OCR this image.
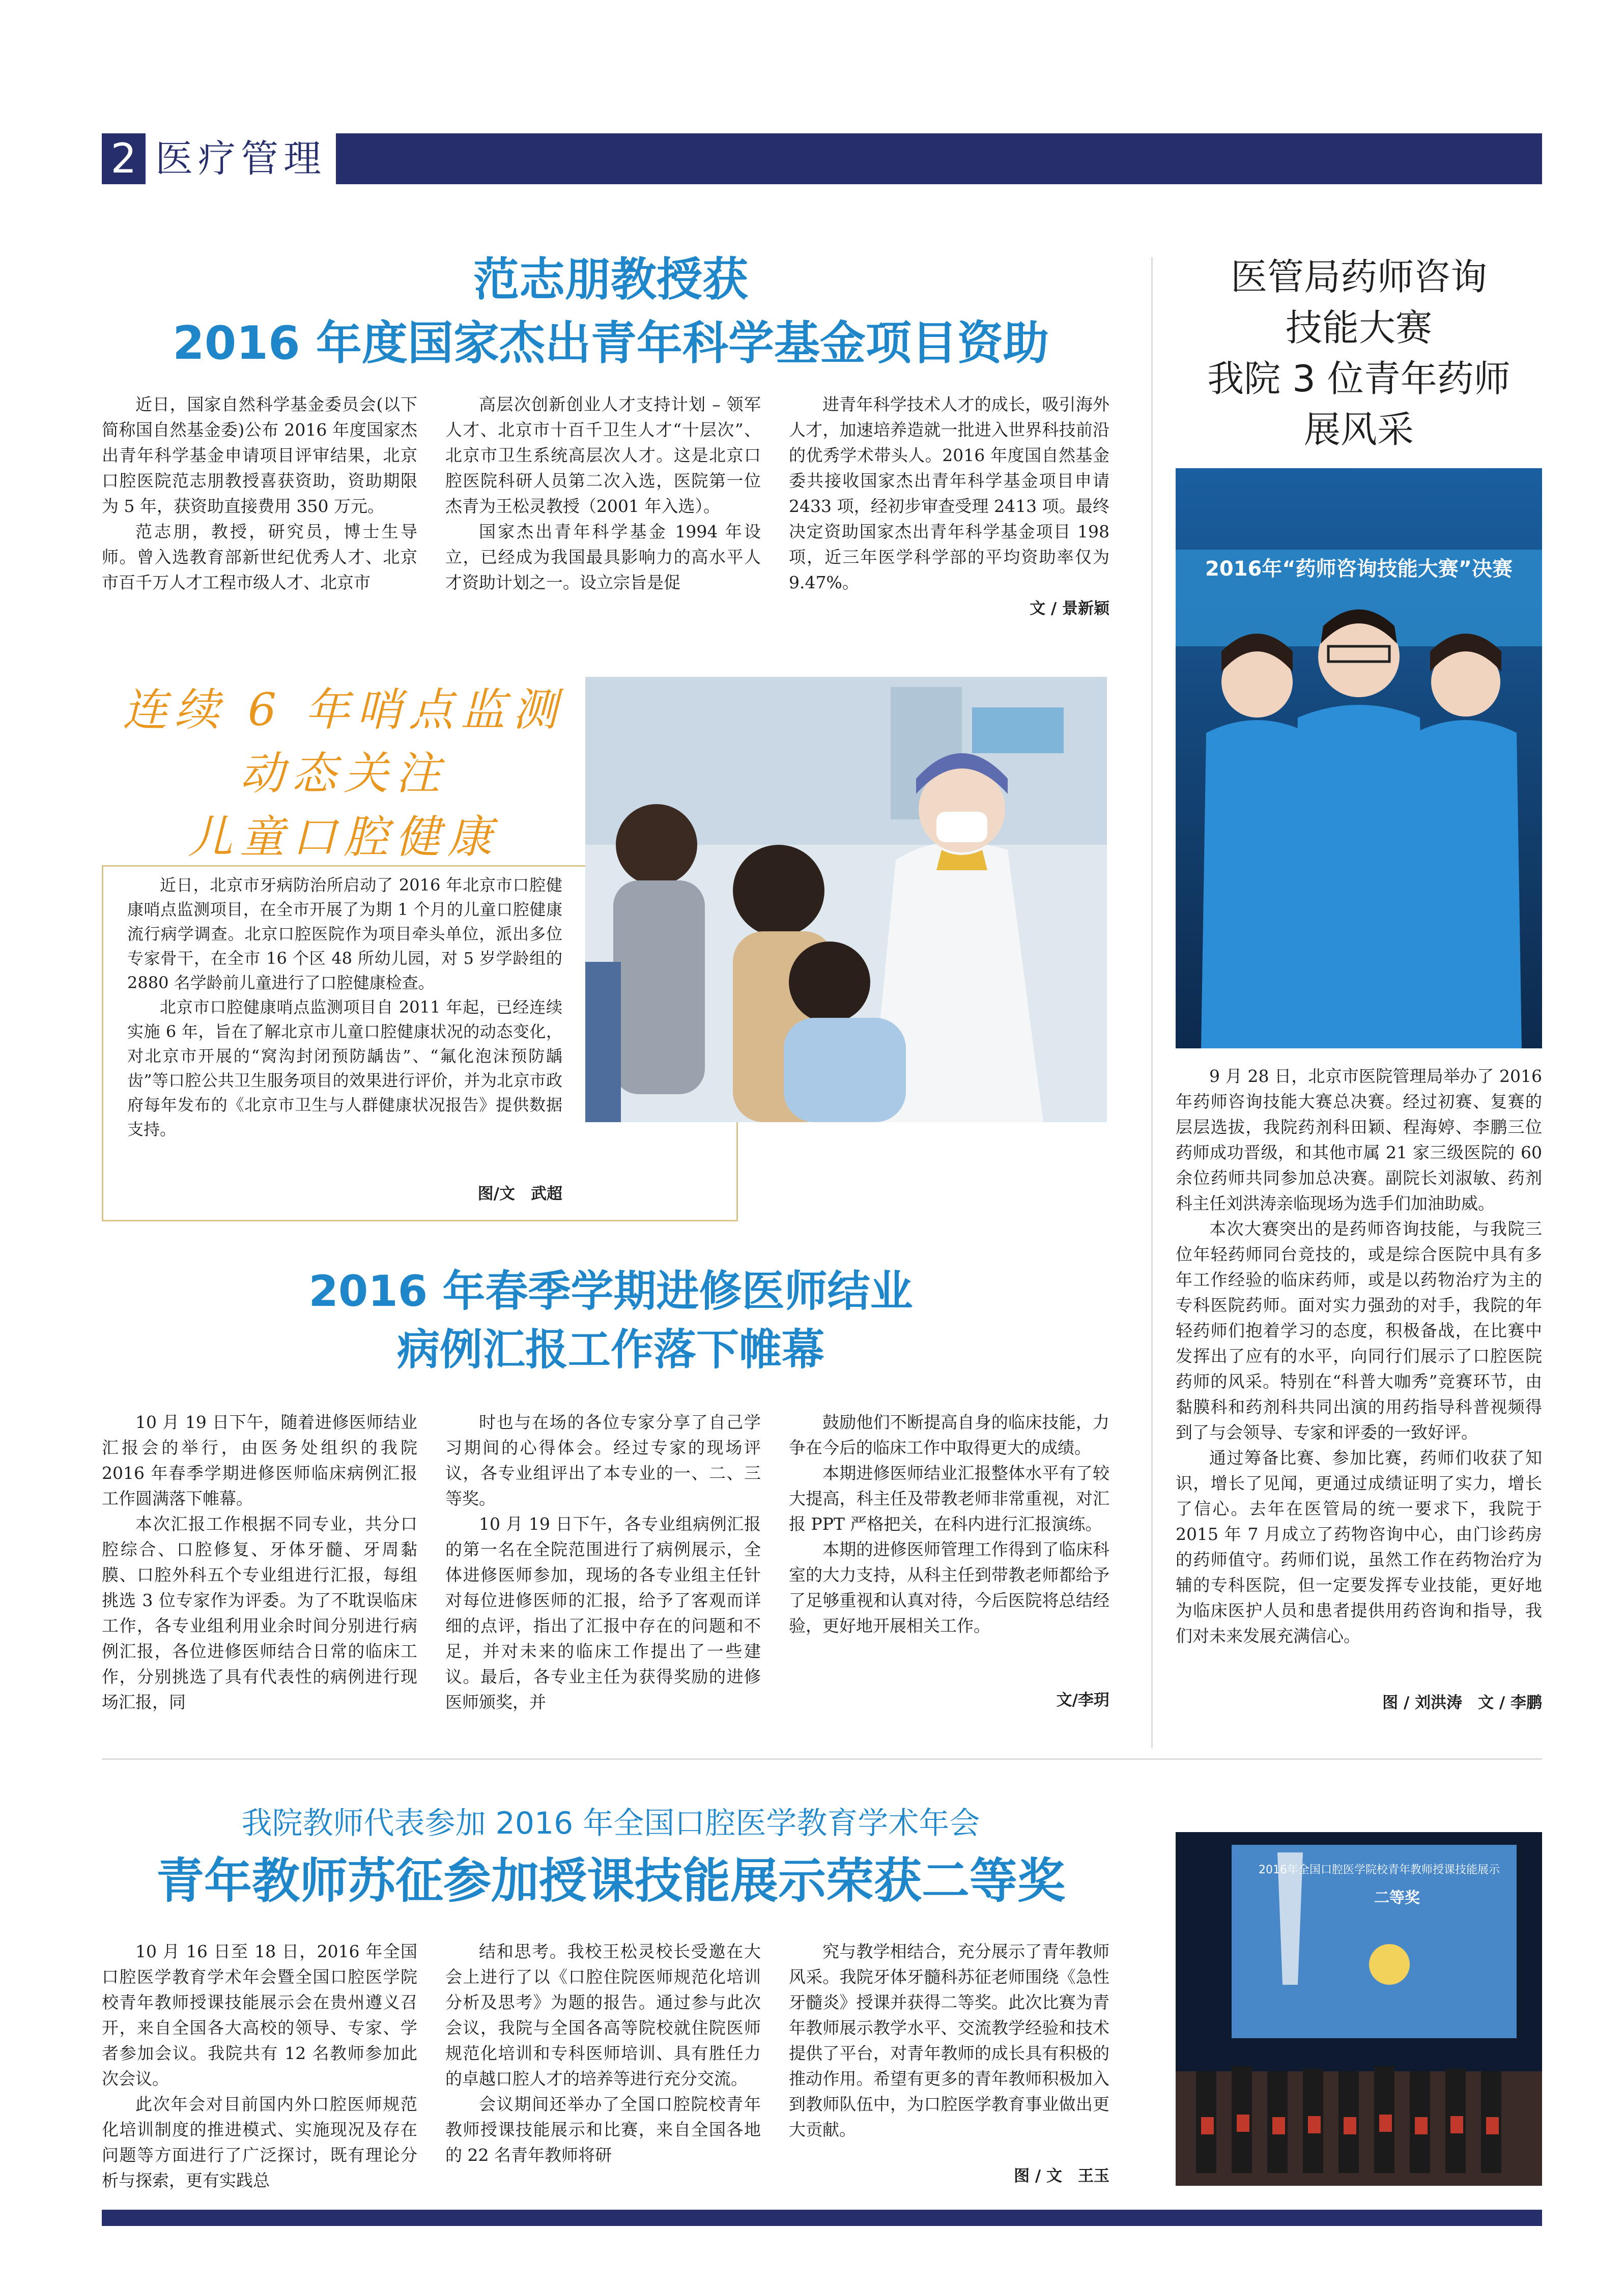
2 医疗管理
范志朋教授获
2016 年度国家杰出青年科学基金项目资助

近日，国家自然科学基金委员会(以下简称国自然基金委)公布 2016 年度国家杰出青年科学基金申请项目评审结果，北京口腔医院范志朋教授喜获资助，资助期限为 5 年，获资助直接费用 350 万元。

范志朋，教授，研究员，博士生导师。曾入选教育部新世纪优秀人才、北京市百千万人才工程市级人才、北京市

高层次创新创业人才支持计划 – 领军人才、北京市十百千卫生人才“十层次”、北京市卫生系统高层次人才。这是北京口腔医院科研人员第二次入选，医院第一位杰青为王松灵教授（2001 年入选）。

国家杰出青年科学基金 1994 年设立，已经成为我国最具影响力的高水平人才资助计划之一。设立宗旨是促

进青年科学技术人才的成长，吸引海外人才，加速培养造就一批进入世界科技前沿的优秀学术带头人。2016 年度国自然基金委共接收国家杰出青年科学基金项目申请 2433 项，经初步审查受理 2413 项。最终决定资助国家杰出青年科学基金项目 198 项，近三年医学科学部的平均资助率仅为 9.47%。

文 / 景新颖
连续 6 年哨点监测
动态关注
儿童口腔健康

近日，北京市牙病防治所启动了 2016 年北京市口腔健康哨点监测项目，在全市开展了为期 1 个月的儿童口腔健康流行病学调查。北京口腔医院作为项目牵头单位，派出多位专家骨干，在全市 16 个区 48 所幼儿园，对 5 岁学龄组的 2880 名学龄前儿童进行了口腔健康检查。

北京市口腔健康哨点监测项目自 2011 年起，已经连续实施 6 年，旨在了解北京市儿童口腔健康状况的动态变化，对北京市开展的“窝沟封闭预防龋齿”、“氟化泡沫预防龋齿”等口腔公共卫生服务项目的效果进行评价，并为北京市政府每年发布的《北京市卫生与人群健康状况报告》提供数据支持。

图/文　武超
2016 年春季学期进修医师结业
病例汇报工作落下帷幕

10 月 19 日下午，随着进修医师结业汇报会的举行，由医务处组织的我院 2016 年春季学期进修医师临床病例汇报工作圆满落下帷幕。

本次汇报工作根据不同专业，共分口腔综合、口腔修复、牙体牙髓、牙周黏膜、口腔外科五个专业组进行汇报，每组挑选 3 位专家作为评委。为了不耽误临床工作，各专业组利用业余时间分别进行病例汇报，各位进修医师结合日常的临床工作，分别挑选了具有代表性的病例进行现场汇报，同

时也与在场的各位专家分享了自己学习期间的心得体会。经过专家的现场评议，各专业组评出了本专业的一、二、三等奖。

10 月 19 日下午，各专业组病例汇报的第一名在全院范围进行了病例展示，全体进修医师参加，现场的各专业组主任针对每位进修医师的汇报，给予了客观而详细的点评，指出了汇报中存在的问题和不足，并对未来的临床工作提出了一些建议。最后，各专业主任为获得奖励的进修医师颁奖，并

鼓励他们不断提高自身的临床技能，力争在今后的临床工作中取得更大的成绩。

本期进修医师结业汇报整体水平有了较大提高，科主任及带教老师非常重视，对汇报 PPT 严格把关，在科内进行汇报演练。

本期的进修医师管理工作得到了临床科室的大力支持，从科主任到带教老师都给予了足够重视和认真对待，今后医院将总结经验，更好地开展相关工作。

文/李玥
医管局药师咨询
技能大赛
我院 3 位青年药师
展风采
2016年“药师咨询技能大赛”决赛

9 月 28 日，北京市医院管理局举办了 2016 年药师咨询技能大赛总决赛。经过初赛、复赛的层层选拔，我院药剂科田颖、程海婷、李鹏三位药师成功晋级，和其他市属 21 家三级医院的 60 余位药师共同参加总决赛。副院长刘淑敏、药剂科主任刘洪涛亲临现场为选手们加油助威。

本次大赛突出的是药师咨询技能，与我院三位年轻药师同台竞技的，或是综合医院中具有多年工作经验的临床药师，或是以药物治疗为主的专科医院药师。面对实力强劲的对手，我院的年轻药师们抱着学习的态度，积极备战，在比赛中发挥出了应有的水平，向同行们展示了口腔医院药师的风采。特别在“科普大咖秀”竞赛环节，由黏膜科和药剂科共同出演的用药指导科普视频得到了与会领导、专家和评委的一致好评。

通过筹备比赛、参加比赛，药师们收获了知识，增长了见闻，更通过成绩证明了实力，增长了信心。去年在医管局的统一要求下，我院于 2015 年 7 月成立了药物咨询中心，由门诊药房的药师值守。药师们说，虽然工作在药物治疗为辅的专科医院，但一定要发挥专业技能，更好地为临床医护人员和患者提供用药咨询和指导，我们对未来发展充满信心。

图 / 刘洪涛　文 / 李鹏
我院教师代表参加 2016 年全国口腔医学教育学术年会
青年教师苏征参加授课技能展示荣获二等奖

10 月 16 日至 18 日，2016 年全国口腔医学教育学术年会暨全国口腔医学院校青年教师授课技能展示会在贵州遵义召开，来自全国各大高校的领导、专家、学者参加会议。我院共有 12 名教师参加此次会议。

此次年会对目前国内外口腔医师规范化培训制度的推进模式、实施现况及存在问题等方面进行了广泛探讨，既有理论分析与探索，更有实践总

结和思考。我校王松灵校长受邀在大会上进行了以《口腔住院医师规范化培训分析及思考》为题的报告。通过参与此次会议，我院与全国各高等院校就住院医师规范化培训和专科医师培训、具有胜任力的卓越口腔人才的培养等进行充分交流。

会议期间还举办了全国口腔院校青年教师授课技能展示和比赛，来自全国各地的 22 名青年教师将研

究与教学相结合，充分展示了青年教师风采。我院牙体牙髓科苏征老师围绕《急性牙髓炎》授课并获得二等奖。此次比赛为青年教师展示教学水平、交流教学经验和技术提供了平台，对青年教师的成长具有积极的推动作用。希望有更多的青年教师积极加入到教师队伍中，为口腔医学教育事业做出更大贡献。

图 / 文　王玉
2016年全国口腔医学院校青年教师授课技能展示
二等奖
